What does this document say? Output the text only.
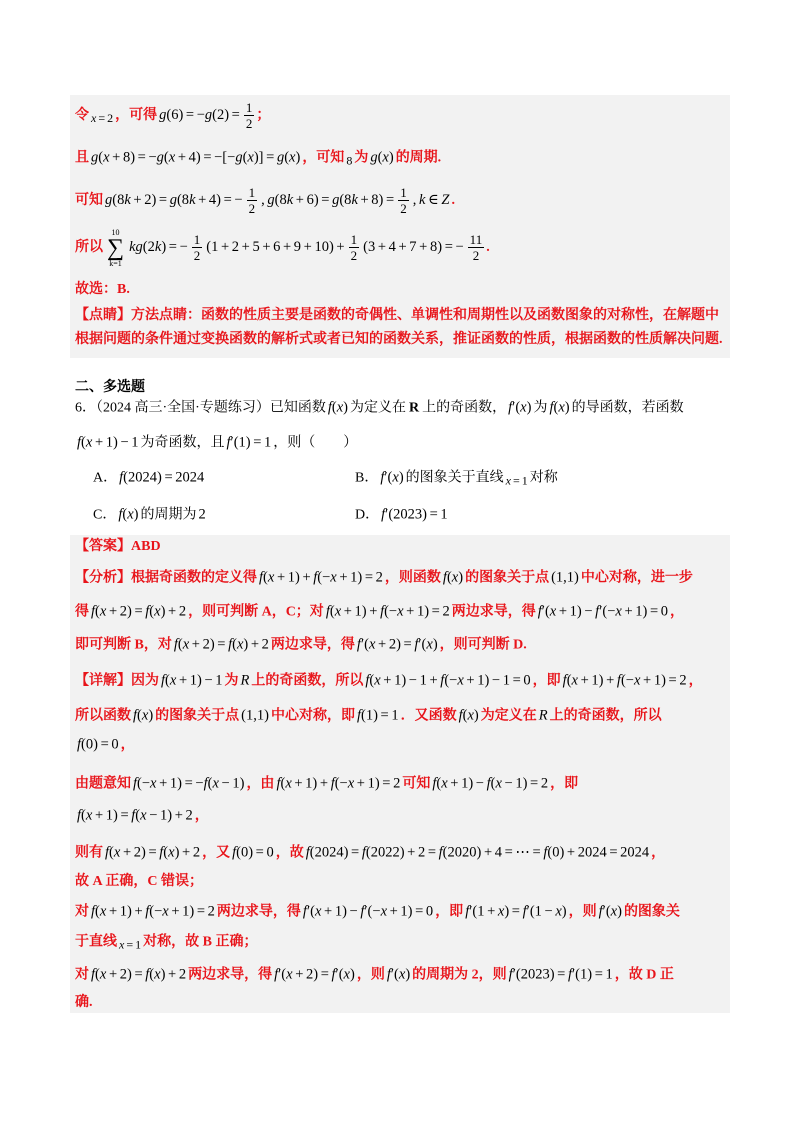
令 x = 2 ，可得 $g(6) = -g(2) = \frac{1}{2}$ ；
且 g(x + 8) = −g(x + 4) = −[−g(x)] = g(x) ，可知 8 为 g(x) 的周期.
可知 g(8k + 2) = g(8k + 4) = − $\frac{1}{2}$ , $g(8k + 6) = g(8k + 8) = \frac{1}{2}$ , k ∈ Z .
所以
10
∑
k=1
kg(2k) = − $\frac{1}{2} (1 + 2 + 5 + 6 + 9 + 10) + \frac{1}{2} (3 + 4 + 7 + 8)$ = − $\frac{11}{2}$ .
故选：B.
【点睛】方法点睛：函数的性质主要是函数的奇偶性、单调性和周期性以及函数图象的对称性，在解题中
根据问题的条件通过变换函数的解析式或者已知的函数关系，推证函数的性质，根据函数的性质解决问题.
二、多选题
6．（2024 高三·全国·专题练习）已知函数 f(x) 为定义在 R 上的奇函数， f′(x) 为 f(x) 的导函数，若函数
f(x + 1) − 1 为奇函数，且 f′(1) = 1 ，则（　　）
A． f(2024) = 2024	B． f′(x) 的图象关于直线 x = 1 对称
C． f(x) 的周期为 2	D． f′(2023) = 1
【答案】ABD
【分析】根据奇函数的定义得 f(x + 1) + f(−x + 1) = 2 ，则函数 f(x) 的图象关于点 (1,1) 中心对称，进一步
得 f(x + 2) = f(x) + 2 ，则可判断 A，C；对 f(x + 1) + f(−x + 1) = 2 两边求导，得 f′(x + 1) − f′(−x + 1) = 0 ，
即可判断 B，对 f(x + 2) = f(x) + 2 两边求导，得 f′(x + 2) = f′(x) ，则可判断 D.
【详解】因为 f(x + 1) − 1 为 R 上的奇函数，所以 f(x + 1) − 1 + f(−x + 1) − 1 = 0 ，即 f(x + 1) + f(−x + 1) = 2 ，
所以函数 f(x) 的图象关于点 (1,1) 中心对称，即 f(1) = 1 ．又函数 f(x) 为定义在 R 上的奇函数，所以
f(0) = 0 ，
由题意知 f(−x + 1) = −f(x − 1) ，由 f(x + 1) + f(−x + 1) = 2 可知 f(x + 1) − f(x − 1) = 2 ，即
f(x + 1) = f(x − 1) + 2 ，
则有 f(x + 2) = f(x) + 2 ，又 f(0) = 0 ，故 f(2024) = f(2022) + 2 = f(2020) + 4 = ⋯ = f(0) + 2024 = 2024 ，
故 A 正确，C 错误；
对 f(x + 1) + f(−x + 1) = 2 两边求导，得 f′(x + 1) − f′(−x + 1) = 0 ，即 f′(1 + x) = f′(1 − x) ，则 f′(x) 的图象关
于直线 x = 1 对称，故 B 正确；
对 f(x + 2) = f(x) + 2 两边求导，得 f′(x + 2) = f′(x) ，则 f′(x) 的周期为 2，则 f′(2023) = f′(1) = 1 ，故 D 正
确.
